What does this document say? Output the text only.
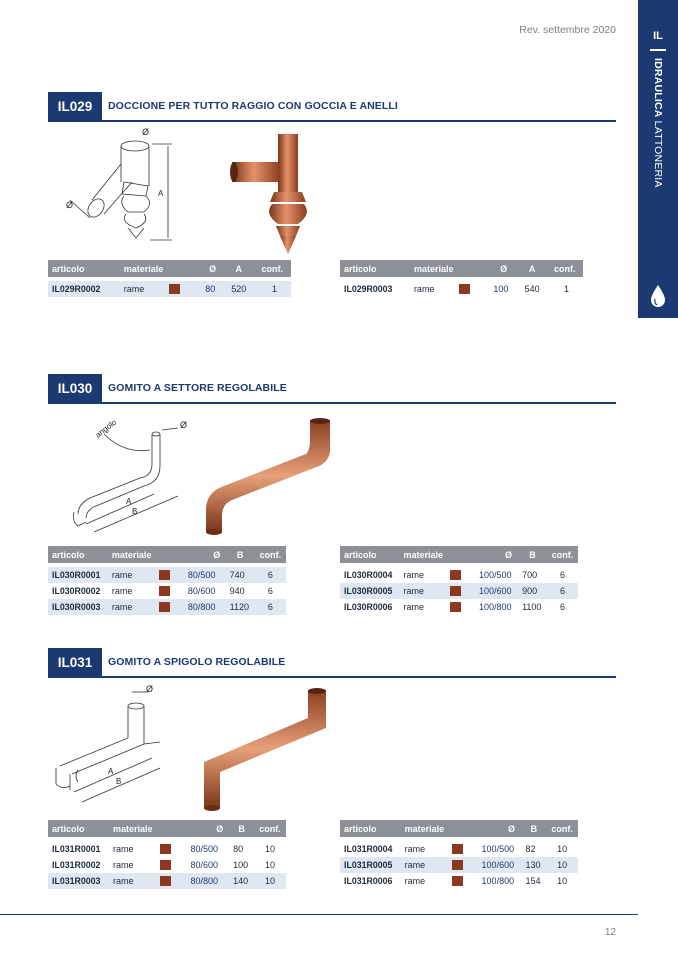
Rev. settembre 2020	IL
IDRAULICA LATTONERIA
IL029	DOCCIONE PER TUTTO RAGGIO CON GOCCIA E ANELLI
Ø
Ø
A
articolo	materiale	Ø	A	conf.

IL029R0002	rame	80	520	1
articolo	materiale	Ø	A	conf.

IL029R0003	rame	100	540	1
IL030	GOMITO A SETTORE REGOLABILE
angolo	Ø
A
B
articolo	materiale	Ø	B	conf.

IL030R0001	rame	80/500	740	6
IL030R0002	rame	80/600	940	6
IL030R0003	rame	80/800	1120	6
articolo	materiale	Ø	B	conf.

IL030R0004	rame	100/500	700	6
IL030R0005	rame	100/600	900	6
IL030R0006	rame	100/800	1100	6
IL031	GOMITO A SPIGOLO REGOLABILE
Ø
A
B
articolo	materiale	Ø	B	conf.

IL031R0001	rame	80/500	80	10
IL031R0002	rame	80/600	100	10
IL031R0003	rame	80/800	140	10
articolo	materiale	Ø	B	conf.

IL031R0004	rame	100/500	82	10
IL031R0005	rame	100/600	130	10
IL031R0006	rame	100/800	154	10
12
